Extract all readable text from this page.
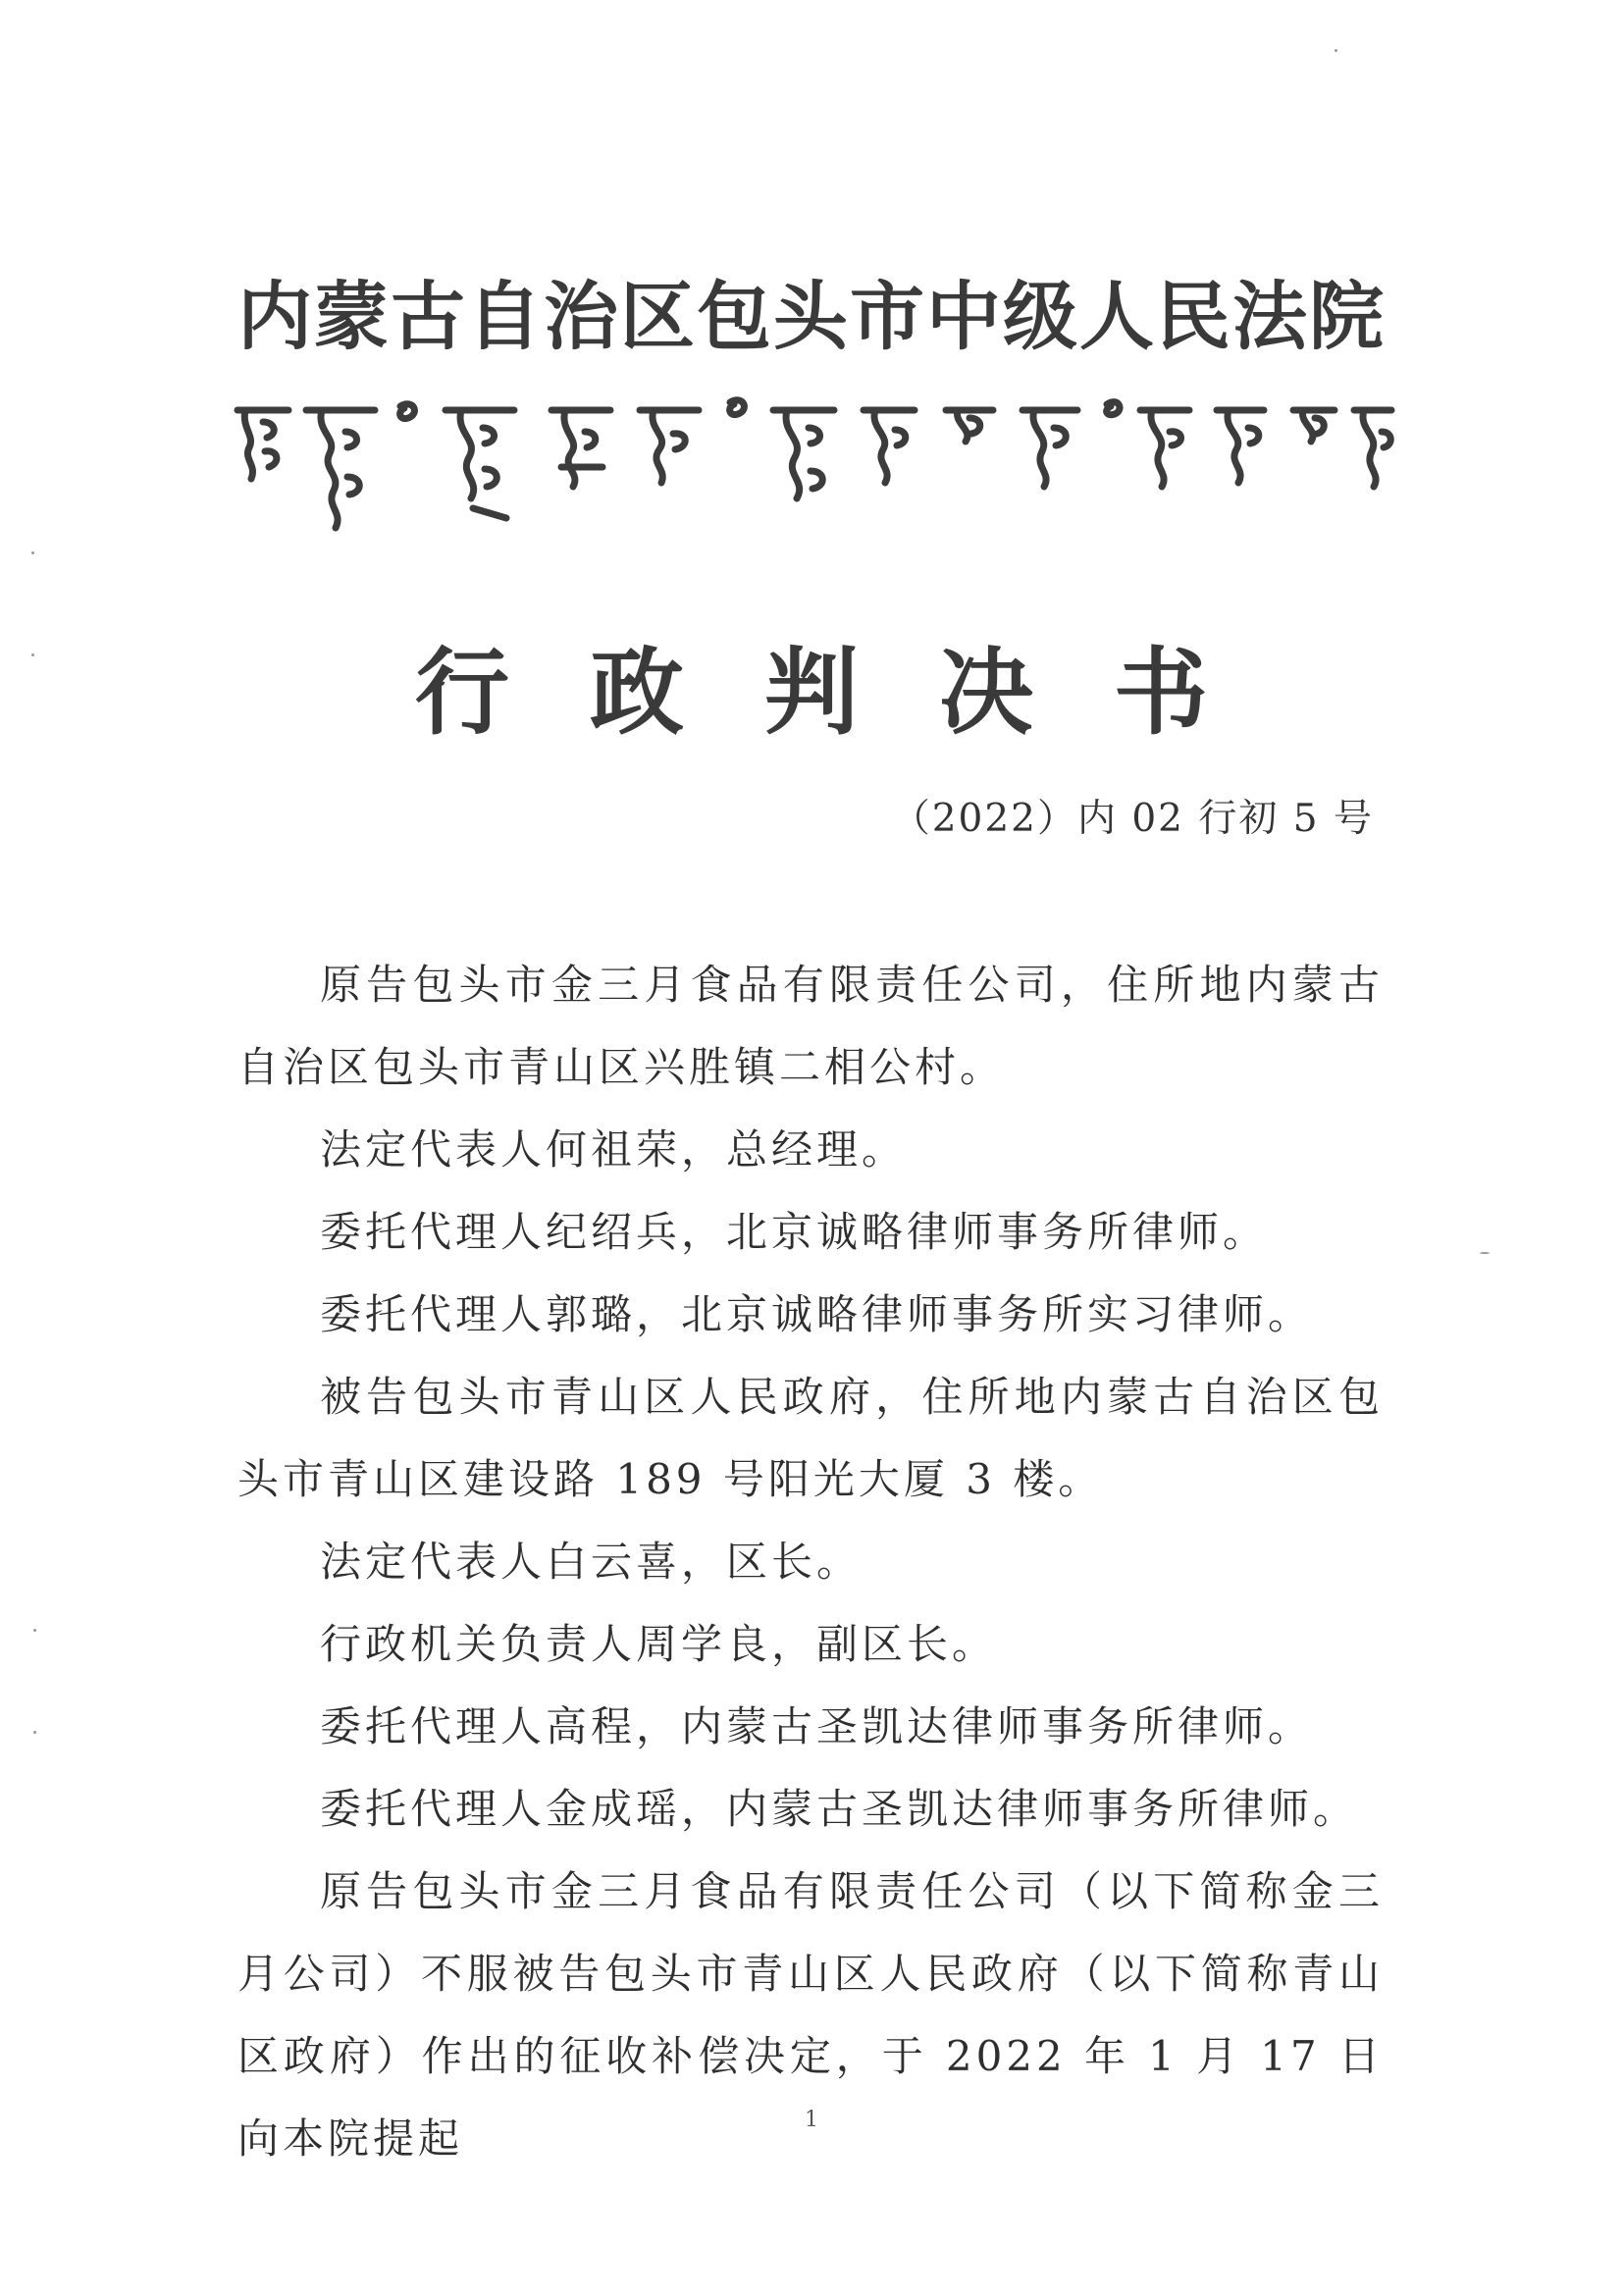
内蒙古自治区包头市中级人民法院
行政判决书
（2022）内 02 行初 5 号

原告包头市金三月食品有限责任公司，住所地内蒙古自治区包头市青山区兴胜镇二相公村。

法定代表人何祖荣，总经理。

委托代理人纪绍兵，北京诚略律师事务所律师。

委托代理人郭璐，北京诚略律师事务所实习律师。

被告包头市青山区人民政府，住所地内蒙古自治区包头市青山区建设路 189 号阳光大厦 3 楼。

法定代表人白云喜，区长。

行政机关负责人周学良，副区长。

委托代理人高程，内蒙古圣凯达律师事务所律师。

委托代理人金成瑶，内蒙古圣凯达律师事务所律师。

原告包头市金三月食品有限责任公司（以下简称金三月公司）不服被告包头市青山区人民政府（以下简称青山区政府）作出的征收补偿决定，于 2022 年 1 月 17 日向本院提起	1
